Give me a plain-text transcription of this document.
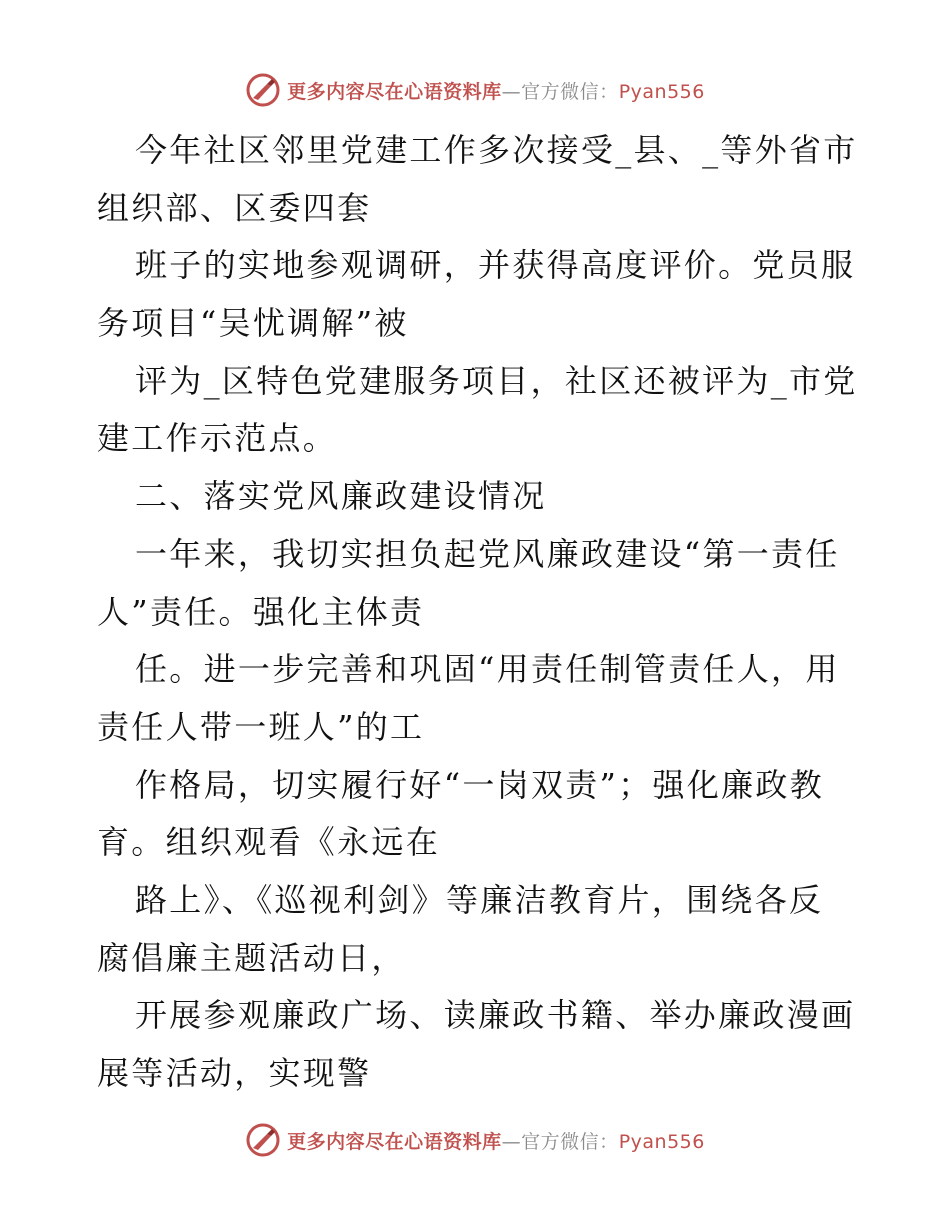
更多内容尽在心语资料库—官方微信：Pyan556
今年社区邻里党建工作多次接受_县、_等外省市
组织部、区委四套
班子的实地参观调研，并获得高度评价。党员服
务项目“吴忧调解”被
评为_区特色党建服务项目，社区还被评为_市党
建工作示范点。
二、落实党风廉政建设情况
一年来，我切实担负起党风廉政建设“第一责任
人”责任。强化主体责
任。进一步完善和巩固“用责任制管责任人，用
责任人带一班人”的工
作格局，切实履行好“一岗双责”；强化廉政教
育。组织观看《永远在
路上》、《巡视利剑》等廉洁教育片，围绕各反
腐倡廉主题活动日，
开展参观廉政广场、读廉政书籍、举办廉政漫画
展等活动，实现警
更多内容尽在心语资料库—官方微信：Pyan556
